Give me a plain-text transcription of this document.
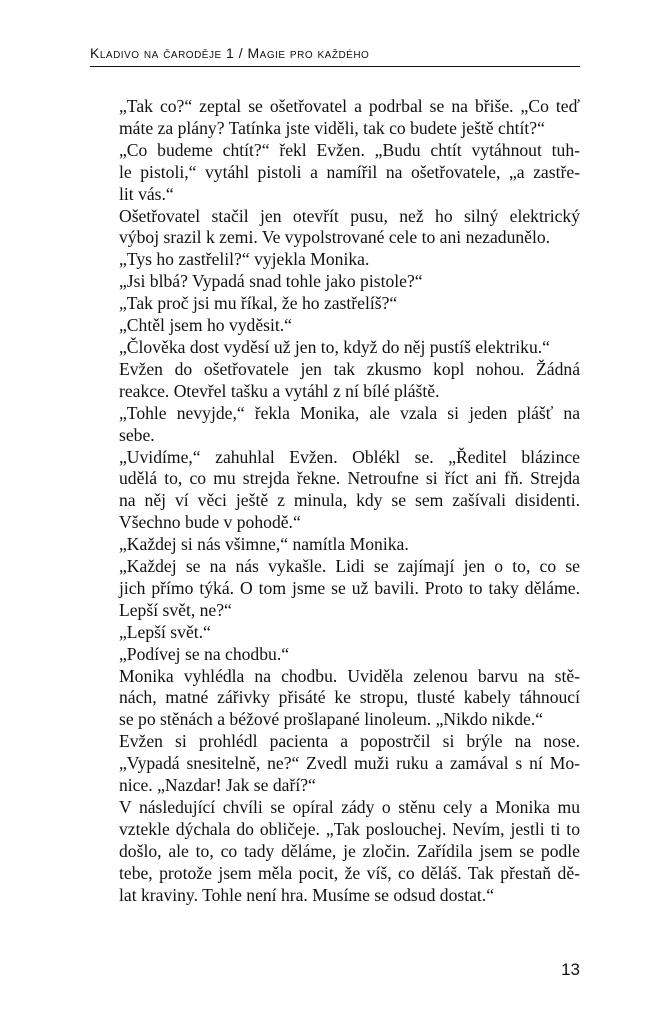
Kladivo na čaroděje 1 / Magie pro každého

„Tak co?“ zeptal se ošetřovatel a podrbal se na břiše. „Co teď
máte za plány? Tatínka jste viděli, tak co budete ještě chtít?“

„Co budeme chtít?“ řekl Evžen. „Budu chtít vytáhnout tuh-
le pistoli,“ vytáhl pistoli a namířil na ošetřovatele, „a zastře-
lit vás.“

Ošetřovatel stačil jen otevřít pusu, než ho silný elektrický
výboj srazil k zemi. Ve vypolstrované cele to ani nezadunělo.

„Tys ho zastřelil?“ vyjekla Monika.

„Jsi blbá? Vypadá snad tohle jako pistole?“

„Tak proč jsi mu říkal, že ho zastřelíš?“

„Chtěl jsem ho vyděsit.“

„Člověka dost vyděsí už jen to, když do něj pustíš elektriku.“

Evžen do ošetřovatele jen tak zkusmo kopl nohou. Žádná
reakce. Otevřel tašku a vytáhl z ní bílé pláště.

„Tohle nevyjde,“ řekla Monika, ale vzala si jeden plášť na
sebe.

„Uvidíme,“ zahuhlal Evžen. Oblékl se. „Ředitel blázince
udělá to, co mu strejda řekne. Netroufne si říct ani fň. Strejda
na něj ví věci ještě z minula, kdy se sem zašívali disidenti.
Všechno bude v pohodě.“

„Každej si nás všimne,“ namítla Monika.

„Každej se na nás vykašle. Lidi se zajímají jen o to, co se
jich přímo týká. O tom jsme se už bavili. Proto to taky děláme.
Lepší svět, ne?“

„Lepší svět.“

„Podívej se na chodbu.“

Monika vyhlédla na chodbu. Uviděla zelenou barvu na stě-
nách, matné zářivky přisáté ke stropu, tlusté kabely táhnoucí
se po stěnách a béžové prošlapané linoleum. „Nikdo nikde.“

Evžen si prohlédl pacienta a popostrčil si brýle na nose.
„Vypadá snesitelně, ne?“ Zvedl muži ruku a zamával s ní Mo-
nice. „Nazdar! Jak se daří?“

V následující chvíli se opíral zády o stěnu cely a Monika mu
vztekle dýchala do obličeje. „Tak poslouchej. Nevím, jestli ti to
došlo, ale to, co tady děláme, je zločin. Zařídila jsem se podle
tebe, protože jsem měla pocit, že víš, co děláš. Tak přestaň dě-
lat kraviny. Tohle není hra. Musíme se odsud dostat.“

13
